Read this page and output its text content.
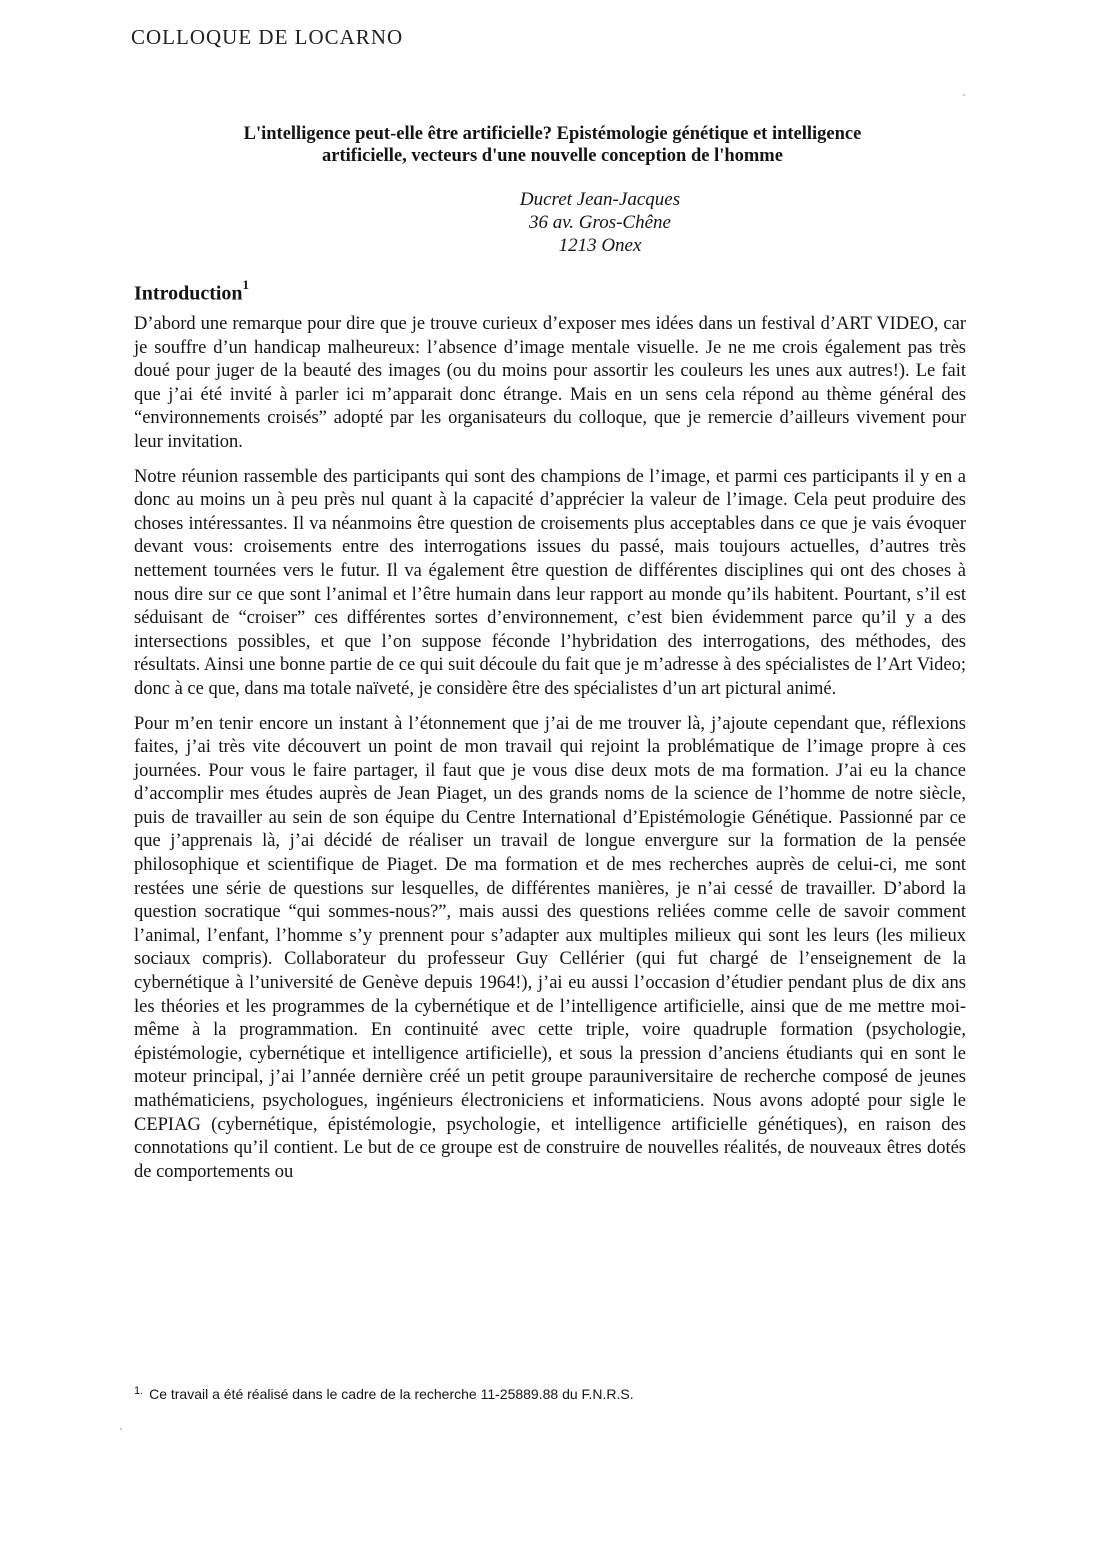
COLLOQUE DE LOCARNO
L'intelligence peut-elle être artificielle? Epistémologie génétique et intelligence
artificielle, vecteurs d'une nouvelle conception de l'homme
Ducret Jean-Jacques
36 av. Gros-Chêne
1213 Onex
Introduction$^1$

D’abord une remarque pour dire que je trouve curieux d’exposer mes idées dans un festival d’ART VIDEO, car je souffre d’un handicap malheureux: l’absence d’image mentale visuelle. Je ne me crois également pas très doué pour juger de la beauté des images (ou du moins pour assortir les couleurs les unes aux autres!). Le fait que j’ai été invité à parler ici m’apparait donc étrange. Mais en un sens cela répond au thème général des “environnements croisés” adopté par les organisateurs du colloque, que je remercie d’ailleurs vivement pour leur invitation.

Notre réunion rassemble des participants qui sont des champions de l’image, et parmi ces participants il y en a donc au moins un à peu près nul quant à la capacité d’apprécier la valeur de l’image. Cela peut produire des choses intéressantes. Il va néanmoins être question de croisements plus acceptables dans ce que je vais évoquer devant vous: croisements entre des interrogations issues du passé, mais toujours actuelles, d’autres très nettement tournées vers le futur. Il va également être question de différentes disciplines qui ont des choses à nous dire sur ce que sont l’animal et l’être humain dans leur rapport au monde qu’ils habitent. Pourtant, s’il est séduisant de “croiser” ces différentes sortes d’environnement, c’est bien évidemment parce qu’il y a des intersections possibles, et que l’on suppose féconde l’hybridation des interrogations, des méthodes, des résultats. Ainsi une bonne partie de ce qui suit découle du fait que je m’adresse à des spécialistes de l’Art Video; donc à ce que, dans ma totale naïveté, je considère être des spécialistes d’un art pictural animé.

Pour m’en tenir encore un instant à l’étonnement que j’ai de me trouver là, j’ajoute cependant que, réflexions faites, j’ai très vite découvert un point de mon travail qui rejoint la problématique de l’image propre à ces journées. Pour vous le faire partager, il faut que je vous dise deux mots de ma formation. J’ai eu la chance d’accomplir mes études auprès de Jean Piaget, un des grands noms de la science de l’homme de notre siècle, puis de travailler au sein de son équipe du Centre International d’Epistémologie Génétique. Passionné par ce que j’apprenais là, j’ai décidé de réaliser un travail de longue envergure sur la formation de la pensée philosophique et scientifique de Piaget. De ma formation et de mes recherches auprès de celui-ci, me sont restées une série de questions sur lesquelles, de différentes manières, je n’ai cessé de travailler. D’abord la question socratique “qui sommes-nous?”, mais aussi des questions reliées comme celle de savoir comment l’animal, l’enfant, l’homme s’y prennent pour s’adapter aux multiples milieux qui sont les leurs (les milieux sociaux compris). Collaborateur du professeur Guy Cellérier (qui fut chargé de l’enseignement de la cybernétique à l’université de Genève depuis 1964!), j’ai eu aussi l’occasion d’étudier pendant plus de dix ans les théories et les programmes de la cybernétique et de l’intelligence artificielle, ainsi que de me mettre moi-même à la programmation. En continuité avec cette triple, voire quadruple formation (psychologie, épistémologie, cybernétique et intelligence artificielle), et sous la pression d’anciens étudiants qui en sont le moteur principal, j’ai l’année dernière créé un petit groupe parauniversitaire de recherche composé de jeunes mathématiciens, psychologues, ingénieurs électroniciens et informaticiens. Nous avons adopté pour sigle le CEPIAG (cybernétique, épistémologie, psychologie, et intelligence artificielle génétiques), en raison des connotations qu’il contient. Le but de ce groupe est de construire de nouvelles réalités, de nouveaux êtres dotés de comportements ou

$^{1.}$ Ce travail a été réalisé dans le cadre de la recherche 11-25889.88 du F.N.R.S.
